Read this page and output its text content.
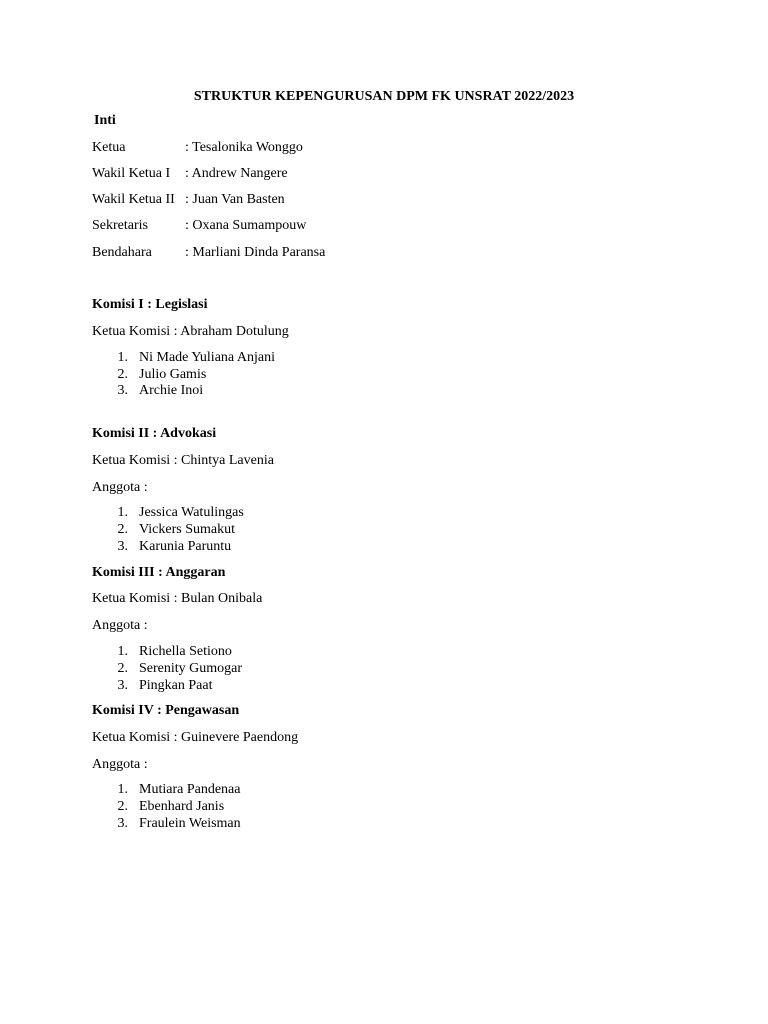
STRUKTUR KEPENGURUSAN DPM FK UNSRAT 2022/2023
Inti
Ketua	: Tesalonika Wonggo
Wakil Ketua I : Andrew Nangere
Wakil Ketua II : Juan Van Basten
Sekretaris	: Oxana Sumampouw
Bendahara : Marliani Dinda Paransa
Komisi I : Legislasi
Ketua Komisi : Abraham Dotulung
1. Ni Made Yuliana Anjani
2. Julio Gamis
3. Archie Inoi
Komisi II : Advokasi
Ketua Komisi : Chintya Lavenia
Anggota :
1. Jessica Watulingas
2. Vickers Sumakut
3. Karunia Paruntu
Komisi III : Anggaran
Ketua Komisi : Bulan Onibala
Anggota :
1. Richella Setiono
2. Serenity Gumogar
3. Pingkan Paat
Komisi IV : Pengawasan
Ketua Komisi : Guinevere Paendong
Anggota :
1. Mutiara Pandenaa
2. Ebenhard Janis
3. Fraulein Weisman
